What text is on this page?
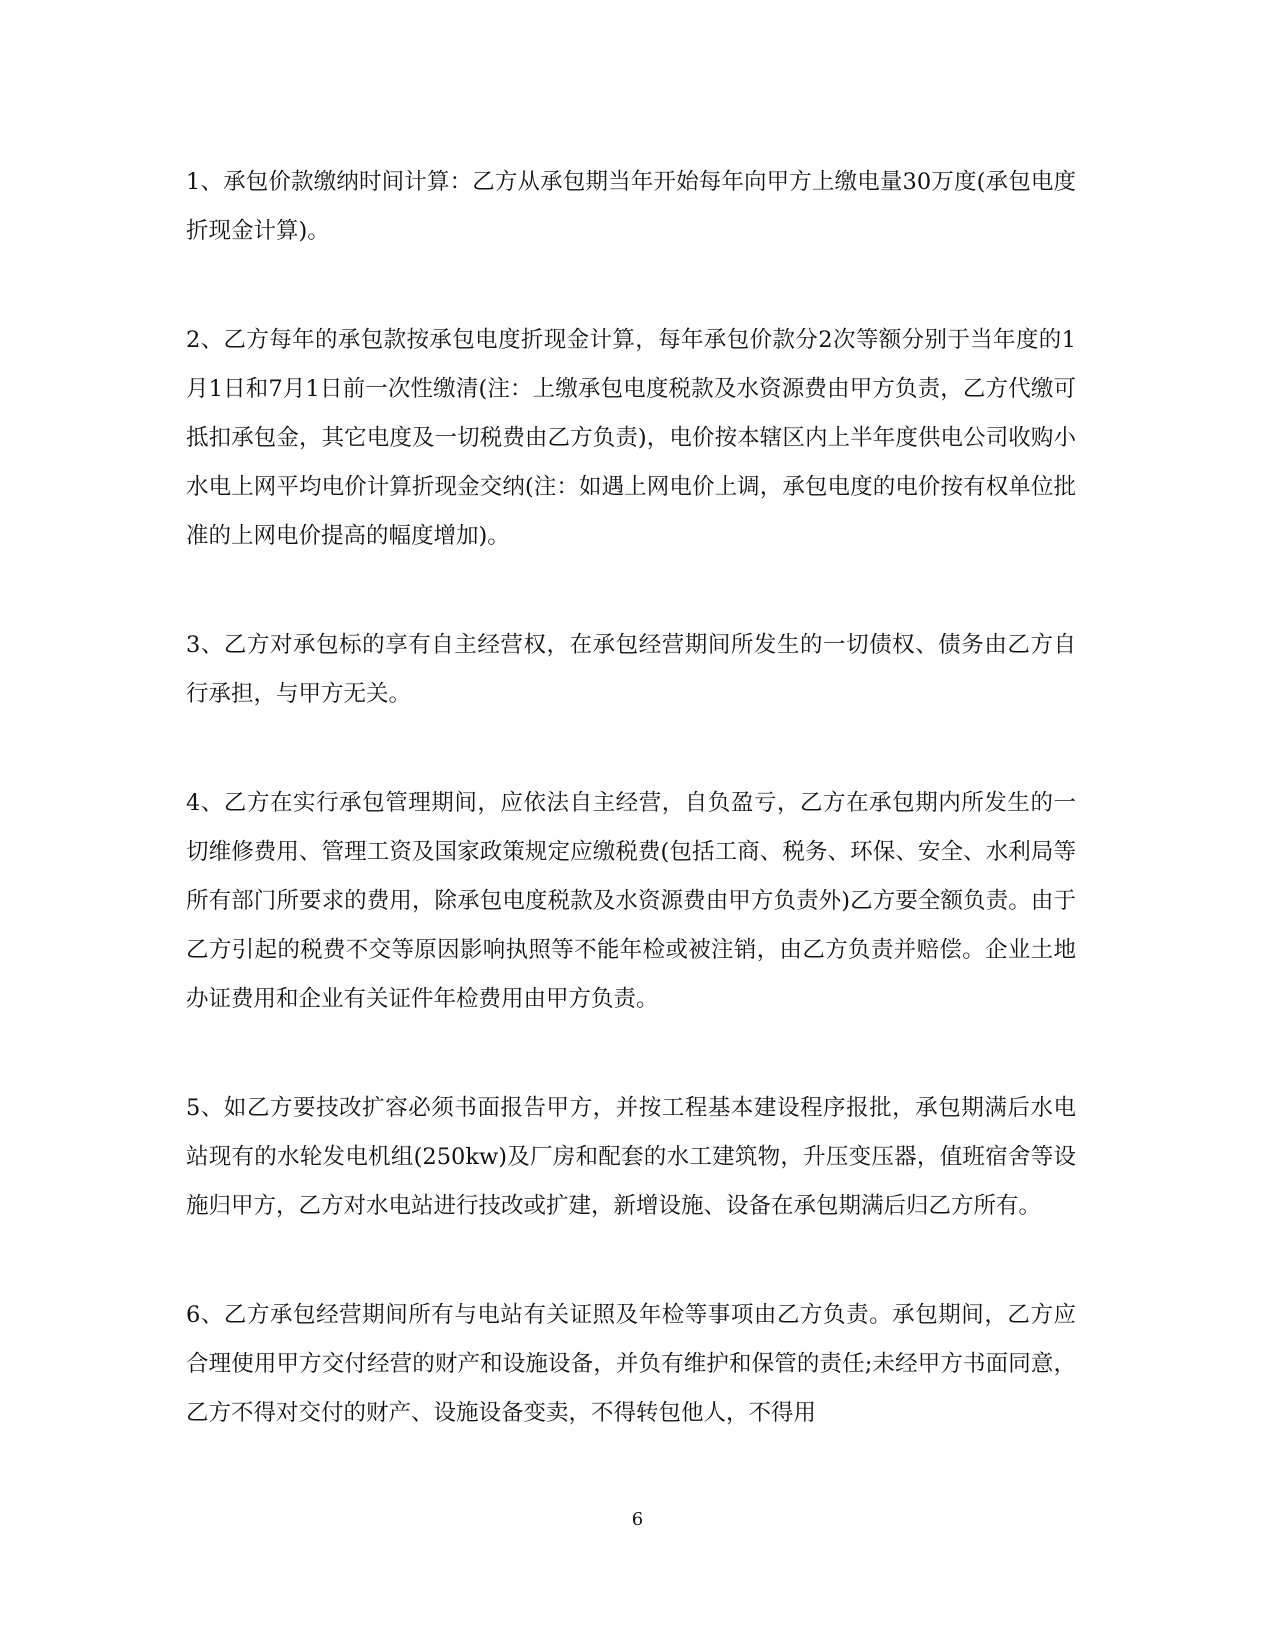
1、承包价款缴纳时间计算：乙方从承包期当年开始每年向甲方上缴电量30万度(承包电度折现金计算)。

2、乙方每年的承包款按承包电度折现金计算，每年承包价款分2次等额分别于当年度的1月1日和7月1日前一次性缴清(注：上缴承包电度税款及水资源费由甲方负责，乙方代缴可抵扣承包金，其它电度及一切税费由乙方负责)，电价按本辖区内上半年度供电公司收购小水电上网平均电价计算折现金交纳(注：如遇上网电价上调，承包电度的电价按有权单位批准的上网电价提高的幅度增加)。

3、乙方对承包标的享有自主经营权，在承包经营期间所发生的一切债权、债务由乙方自行承担，与甲方无关。

4、乙方在实行承包管理期间，应依法自主经营，自负盈亏，乙方在承包期内所发生的一切维修费用、管理工资及国家政策规定应缴税费(包括工商、税务、环保、安全、水利局等所有部门所要求的费用，除承包电度税款及水资源费由甲方负责外)乙方要全额负责。由于乙方引起的税费不交等原因影响执照等不能年检或被注销，由乙方负责并赔偿。企业土地办证费用和企业有关证件年检费用由甲方负责。

5、如乙方要技改扩容必须书面报告甲方，并按工程基本建设程序报批，承包期满后水电站现有的水轮发电机组(250kw)及厂房和配套的水工建筑物，升压变压器，值班宿舍等设施归甲方，乙方对水电站进行技改或扩建，新增设施、设备在承包期满后归乙方所有。

6、乙方承包经营期间所有与电站有关证照及年检等事项由乙方负责。承包期间，乙方应合理使用甲方交付经营的财产和设施设备，并负有维护和保管的责任;未经甲方书面同意，乙方不得对交付的财产、设施设备变卖，不得转包他人，不得用

6
